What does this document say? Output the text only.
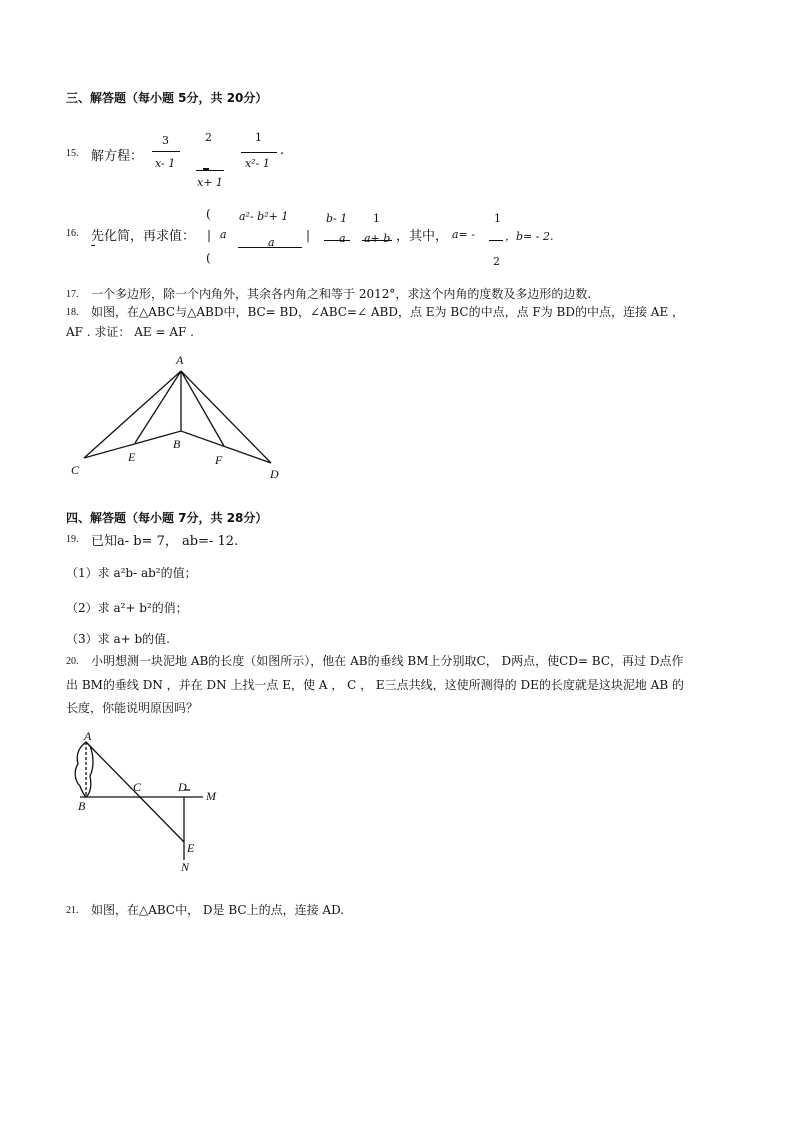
三、解答题（每小题 5分，共 20分）
15. 解方程：
3
x- 1
2
x+ 1
1
x²- 1
.
16. 先化简，再求值：
(
|
(
a
a²- b²+ 1
a
|
b- 1
a
1
a+ b ，其中， a= -
1
2
，b= - 2.
17. 一个多边形，除一个内角外，其余各内角之和等于 2012°，求这个内角的度数及多边形的边数.
18. 如图，在△ABC与△ABD中，BC= BD，∠ABC=∠ ABD，点 E为 BC的中点，点 F为 BD的中点，连接 AE ，
AF . 求证： AE = AF .
A
B
C	D
E	F
四、解答题（每小题 7分，共 28分）
19. 已知a- b= 7， ab=- 12.
（1）求 a²b- ab²的值；
（2）求 a²+ b²的俏；
（3）求 a+ b的值.
20. 小明想测一块泥地 AB的长度（如图所示），他在 AB的垂线 BM上分别取C， D两点，使CD= BC，再过 D点作
出 BM的垂线 DN ，并在 DN 上找一点 E，使 A ， C ， E三点共线，这使所测得的 DE的长度就是这块泥地 AB 的
长度，你能说明原因吗？
A
B
C	D
M
E
N
21. 如图，在△ABC中， D是 BC上的点，连接 AD.
